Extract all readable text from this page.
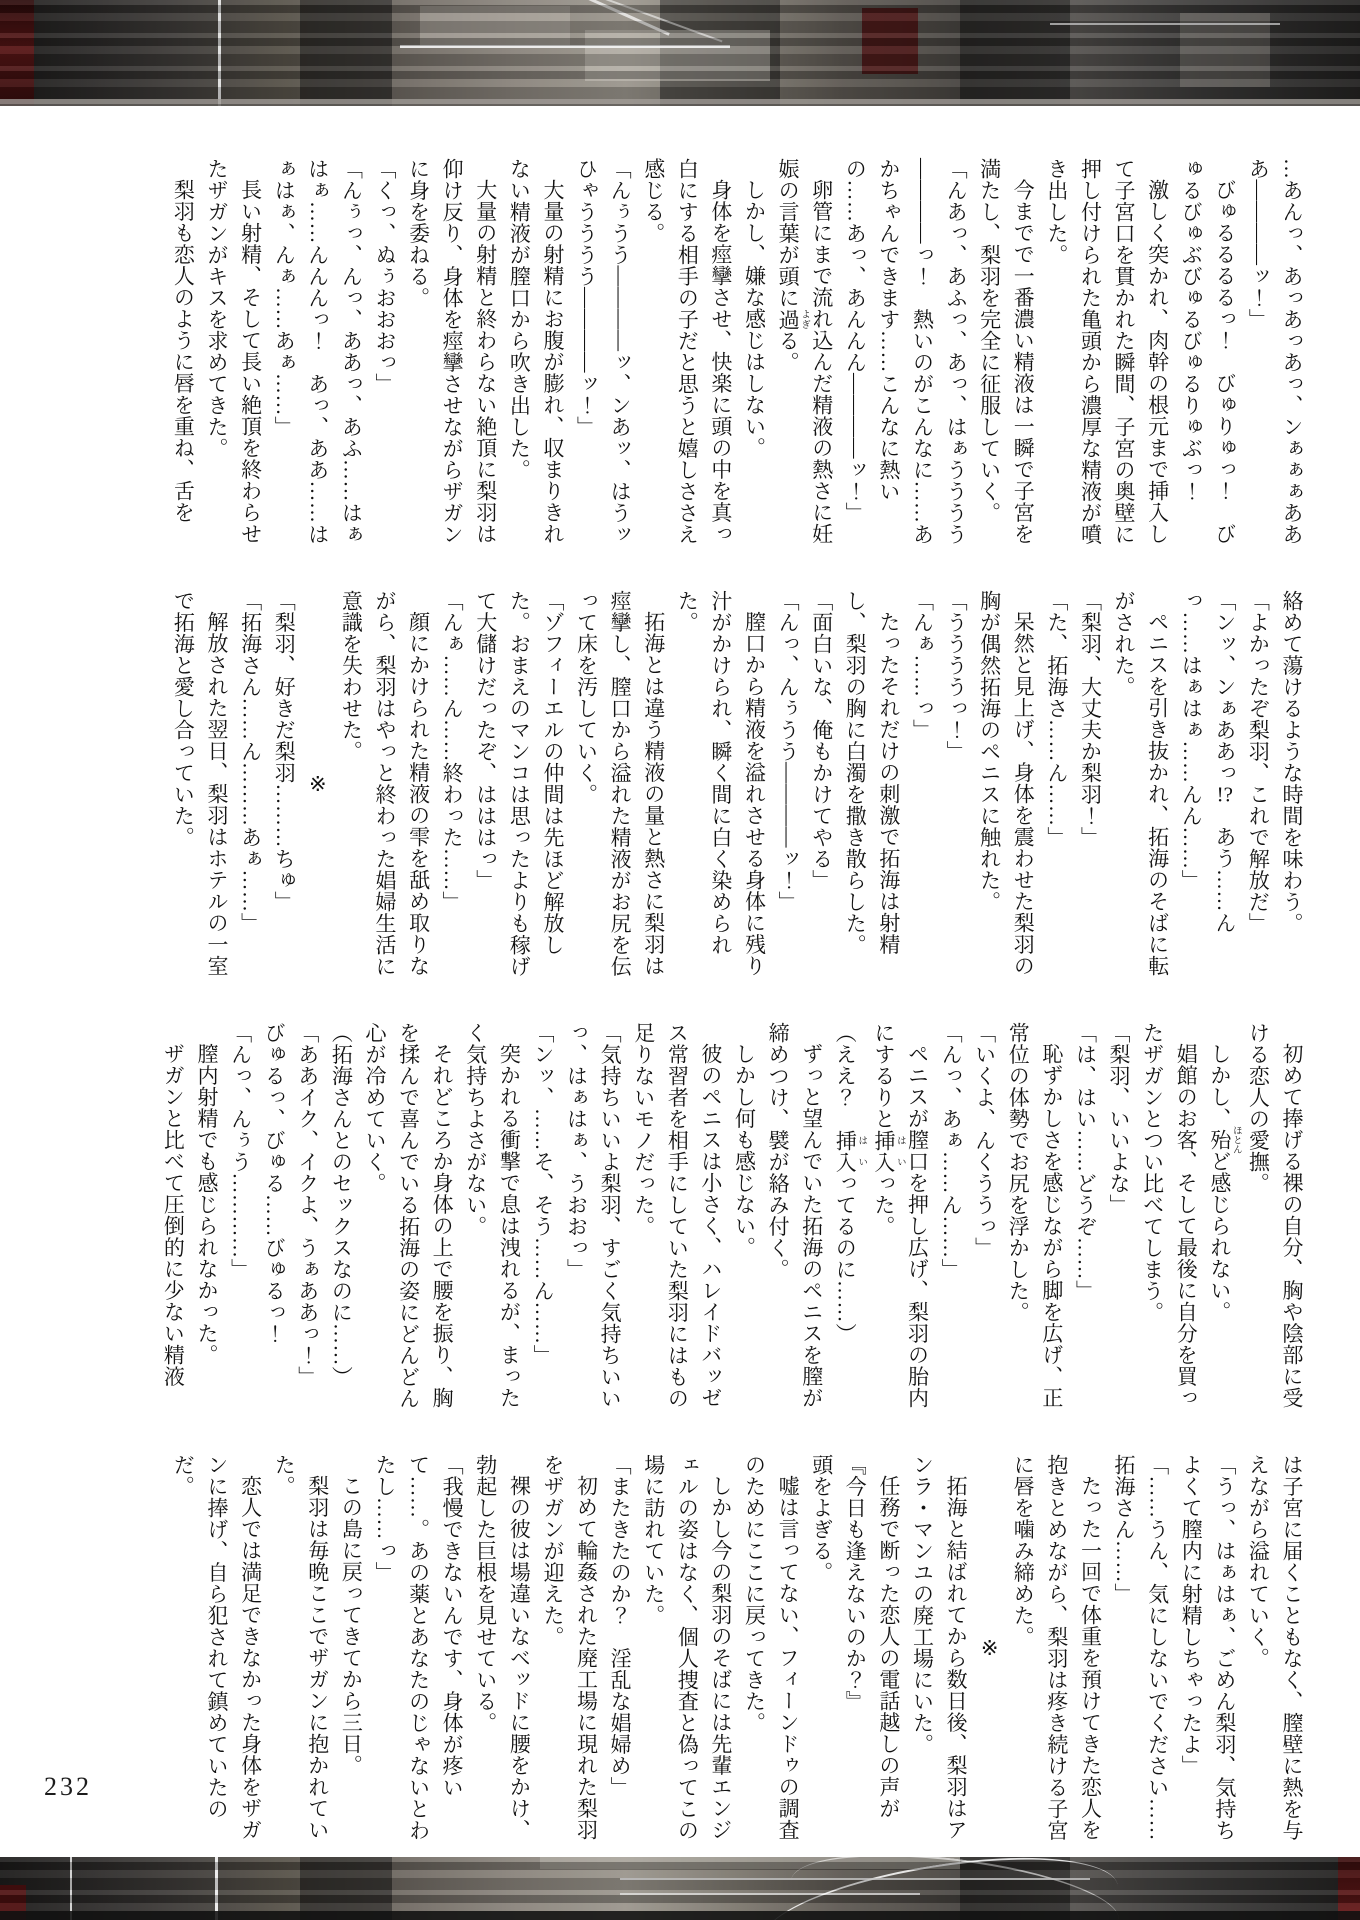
…あんっ、あっあっあっ、ンぁぁぁあああ――――ッ！」

びゅるるるるっ！　びゅりゅっ！　びゅるびゅぶびゅるびゅるりゅぶっ！

激しく突かれ、肉幹の根元まで挿入して子宮口を貫かれた瞬間、子宮の奥壁に押し付けられた亀頭から濃厚な精液が噴き出した。

今までで一番濃い精液は一瞬で子宮を満たし、梨羽を完全に征服していく。

「んあっ、あふっ、あっ、はぁうううう――――っ！　熱いのがこんなに……あかちゃんできます……こんなに熱いの……あっ、あんんん――――ッ！」

卵管にまで流れ込んだ精液の熱さに妊娠の言葉が頭に過 よぎる。

しかし、嫌な感じはしない。

身体を痙攣させ、快楽に頭の中を真っ白にする相手の子だと思うと嬉しささえ感じる。

「んぅうう――――ッ、ンあッ、はうッひゃうううう――――ッ！」

大量の射精にお腹が膨れ、収まりきれない精液が膣口から吹き出した。

大量の射精と終わらない絶頂に梨羽は仰け反り、身体を痙攣させながらザガンに身を委ねる。

「くっ、ぬぅおおおっ」

「んぅっ、んっ、ああっ、あふ……はぁはぁ……んんんっ！　あっ、ああ……はぁはぁ、んぁ……あぁ……」

長い射精、そして長い絶頂を終わらせたザガンがキスを求めてきた。

梨羽も恋人のように唇を重ね、舌を

絡めて蕩けるような時間を味わう。

「よかったぞ梨羽、これで解放だ」

「ンッ、ンぁああっ!?　あう……んっ……はぁはぁ……んん……」

ペニスを引き抜かれ、拓海のそばに転がされた。

「梨羽、大丈夫か梨羽！」

「た、拓海さ……ん……」

呆然と見上げ、身体を震わせた梨羽の胸が偶然拓海のペニスに触れた。

「ううううっ！」

「んぁ……っ」

たったそれだけの刺激で拓海は射精し、梨羽の胸に白濁を撒き散らした。

「面白いな、俺もかけてやる」

「んっ、んぅうう――――ッ！」

膣口から精液を溢れさせる身体に残り汁がかけられ、瞬く間に白く染められた。

拓海とは違う精液の量と熱さに梨羽は痙攣し、膣口から溢れた精液がお尻を伝って床を汚していく。

「ゾフィーエルの仲間は先ほど解放した。おまえのマンコは思ったよりも稼げて大儲けだったぞ、はははっ」

「んぁ……ん……終わった……」

顔にかけられた精液の雫を舐め取りながら、梨羽はやっと終わった娼婦生活に意識を失わせた。

※

「梨羽、好きだ梨羽………ちゅ」

「拓海さん……ん………あぁ……」

解放された翌日、梨羽はホテルの一室で拓海と愛し合っていた。

初めて捧げる裸の自分、胸や陰部に受ける恋人の愛撫。

しかし、殆 ほとんど感じられない。

娼館のお客、そして最後に自分を買ったザガンとつい比べてしまう。

「梨羽、いいよな」

「は、はい……どうぞ……」

恥ずかしさを感じながら脚を広げ、正常位の体勢でお尻を浮かした。

「いくよ、んくううっ」

「んっ、あぁ……ん……」

ペニスが膣口を押し広げ、梨羽の胎内にするりと挿入 はいった。

（ええ？　挿入 はいってるのに……）

ずっと望んでいた拓海のペニスを膣が締めつけ、襞が絡み付く。

しかし何も感じない。

彼のペニスは小さく、ハレイドバッゼス常習者を相手にしていた梨羽にはもの足りないモノだった。

「気持ちいいよ梨羽、すごく気持ちいいっ、はぁはぁ、うおおっ」

「ンッ、……そ、そう……ん……」

突かれる衝撃で息は洩れるが、まったく気持ちよさがない。

それどころか身体の上で腰を振り、胸を揉んで喜んでいる拓海の姿にどんどん心が冷めていく。

（拓海さんとのセックスなのに……）

「ああイク、イクよ、うぁああっ！」

びゅるっ、びゅる……びゅるっ！

「んっ、んぅう…………」

膣内射精でも感じられなかった。

ザガンと比べて圧倒的に少ない精液

は子宮に届くこともなく、膣壁に熱を与えながら溢れていく。

「うっ、はぁはぁ、ごめん梨羽、気持ちよくて膣内に射精しちゃったよ」

「……うん、気にしないでください……拓海さん……」

たった一回で体重を預けてきた恋人を抱きとめながら、梨羽は疼き続ける子宮に唇を噛み締めた。

※

拓海と結ばれてから数日後、梨羽はアンラ・マンユの廃工場にいた。

任務で断った恋人の電話越しの声が

『今日も逢えないのか？』

頭をよぎる。

嘘は言ってない、フィーンドゥの調査のためにここに戻ってきた。

しかし今の梨羽のそばには先輩エンジェルの姿はなく、個人捜査と偽ってこの場に訪れていた。

「またきたのか？　淫乱な娼婦め」

初めて輪姦された廃工場に現れた梨羽をザガンが迎えた。

裸の彼は場違いなベッドに腰をかけ、勃起した巨根を見せている。

「我慢できないんです、身体が疼いて……。あの薬とあなたのじゃないとわたし……っ」

この島に戻ってきてから三日。

梨羽は毎晩ここでザガンに抱かれていた。

恋人では満足できなかった身体をザガンに捧げ、自ら犯されて鎮めていたのだ。

232
